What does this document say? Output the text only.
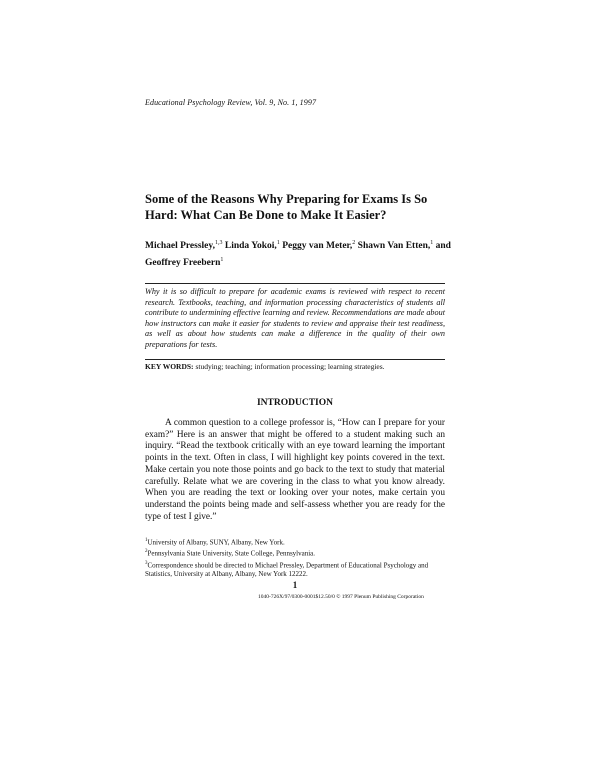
Educational Psychology Review, Vol. 9, No. 1, 1997
Some of the Reasons Why Preparing for Exams Is So Hard: What Can Be Done to Make It Easier?
Michael Pressley,$^{1,3}$ Linda Yokoi,$^1$ Peggy van Meter,$^2$ Shawn Van Etten,$^1$ and Geoffrey Freebern$^1$
Why it is so difficult to prepare for academic exams is reviewed with respect to recent research. Textbooks, teaching, and information processing characteristics of students all contribute to undermining effective learning and review. Recommendations are made about how instructors can make it easier for students to review and appraise their test readiness, as well as about how students can make a difference in the quality of their own preparations for tests.
KEY WORDS: studying; teaching; information processing; learning strategies.
INTRODUCTION
A common question to a college professor is, “How can I prepare for your exam?” Here is an answer that might be offered to a student making such an inquiry. “Read the textbook critically with an eye toward learning the important points in the text. Often in class, I will highlight key points covered in the text. Make certain you note those points and go back to the text to study that material carefully. Relate what we are covering in the class to what you know already. When you are reading the text or looking over your notes, make certain you understand the points being made and self-assess whether you are ready for the type of test I give.”
$^1$University of Albany, SUNY, Albany, New York.
$^2$Pennsylvania State University, State College, Pennsylvania.
$^3$Correspondence should be directed to Michael Pressley, Department of Educational Psychology and Statistics, University at Albany, Albany, New York 12222.
1
1040-726X/97/0300-0001$12.50/0 © 1997 Plenum Publishing Corporation
